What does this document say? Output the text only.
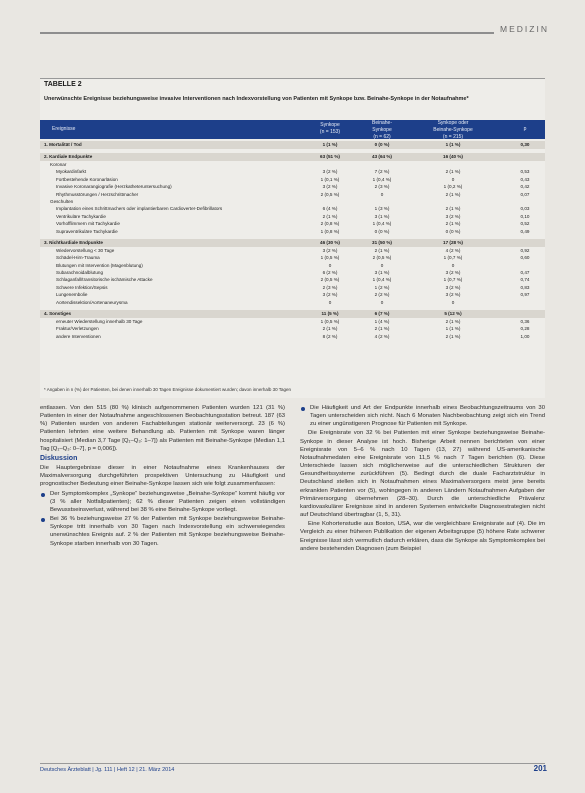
MEDIZIN
TABELLE 2
Unerwünschte Ereignisse beziehungsweise invasive Interventionen nach Indexvorstellung von Patienten mit Synkope bzw. Beinahe-Synkope in der Notaufnahme*
Ereignisse
Synkope
(n = 153)
Beinahe-
Synkope
(n = 62)
Synkope oder
Beinahe-Synkope
(n = 215)
p
1. Mortalität / Tod	1 (1 %)	0 (0 %)	1 (1 %)	0,30
2. Kardiale Endpunkte	63 (51 %)	43 (64 %)	16 (40 %)
Koronar
Myokardinfarkt	3 (2 %)	7 (2 %)	2 (1 %)	0,53
Fortbestehende Koronarläsion	1 (0,1 %)	1 (0,4 %)	0	0,43
Invasive Koronarangiografie (Herzkatheteruntersuchung)	3 (2 %)	2 (3 %)	1 (0,2 %)	0,42
Rhythmusstörungen / Herzschrittmacher	2 (0,5 %)	0	2 (1 %)	0,07
Geschulten
Implantation eines Schrittmachers oder implantierbaren Cardioverter-Defibrillators	6 (4 %)	1 (3 %)	2 (1 %)	0,03
Ventrikuläre Tachykardie	2 (1 %)	3 (1 %)	3 (2 %)	0,10
Vorhofflimmern mit Tachykardie	2 (0,8 %)	1 (0,4 %)	2 (1 %)	0,52
Supraventrikuläre Tachykardie	1 (0,8 %)	0 (0 %)	0 (0 %)	0,49
3. Nichtkardiale Endpunkte	46 (30 %)	31 (50 %)	17 (28 %)
Wiedervorstellung < 30 Tage	3 (2 %)	2 (1 %)	4 (2 %)	0,92
Schädel-Hirn-Trauma	1 (0,5 %)	2 (0,5 %)	1 (0,7 %)	0,60
Blutungen mit Intervention (Magenblutung)	0	0	0
Subarachnoidalblutung	6 (2 %)	3 (1 %)	3 (2 %)	0,47
Schlaganfall/transitorische ischämische Attacke	2 (0,5 %)	1 (0,4 %)	1 (0,7 %)	0,74
Schwere Infektion/Sepsis	2 (3 %)	1 (2 %)	3 (2 %)	0,83
Lungenembolie	3 (2 %)	2 (2 %)	3 (2 %)	0,97
Aortendissektion/Aortenaneurysma	0	0	0
4. Sonstiges	11 (5 %)	6 (7 %)	5 (12 %)
erneuter Wiederstellung innerhalb 30 Tage	1 (0,5 %)	1 (4 %)	2 (1 %)	0,36
Fraktur/Verletzungen	2 (1 %)	2 (1 %)	1 (1 %)	0,28
andere Interventionen	8 (2 %)	4 (2 %)	2 (1 %)	1,00
* Angaben in n (%) der Patienten, bei denen innerhalb 30 Tagen Ereignisse dokumentiert wurden; davon innerhalb 30 Tagen

entlassen. Von den 515 (80 %) klinisch aufgenommenen Patienten wurden 121 (31 %) Patienten in einer der Notaufnahme angeschlossenen Beobachtungsstation betreut. 187 (63 %) Patienten wurden von anderen Fachabteilungen stationär weiterversorgt. 23 (6 %) Patienten lehnten eine weitere Behandlung ab. Patienten mit Synkope waren länger hospitalisiert (Median 3,7 Tage [Q₁–Q₃: 1–7]) als Patienten mit Beinahe-Synkope (Median 1,1 Tag [Q₁–Q₃: 0–7], p = 0,006]).

Diskussion

Die Hauptergebnisse dieser in einer Notaufnahme eines Krankenhauses der Maximalversorgung durchgeführten prospektiven Untersuchung zu Häufigkeit und prognostischer Bedeutung einer Beinahe-Synkope lassen sich wie folgt zusammenfassen:

Der Symptomkomplex „Synkope“ beziehungsweise „Beinahe-Synkope“ kommt häufig vor (3 % aller Notfallpatienten); 62 % dieser Patienten zeigen einen vollständigen Bewusstseinsverlust, während bei 38 % eine Beinahe-Synkope vorliegt.
Bei 36 % beziehungsweise 27 % der Patienten mit Synkope beziehungsweise Beinahe-Synkope tritt innerhalb von 30 Tagen nach Indexvorstellung ein schwerwiegendes unerwünschtes Ereignis auf. 2 % der Patienten mit Synkope beziehungsweise Beinahe-Synkope starben innerhalb von 30 Tagen.
Die Häufigkeit und Art der Endpunkte innerhalb eines Beobachtungszeitraums von 30 Tagen unterscheiden sich nicht. Nach 6 Monaten Nachbeobachtung zeigt sich ein Trend zu einer ungünstigeren Prognose für Patienten mit Synkope.

Die Ereignisrate von 32 % bei Patienten mit einer Synkope beziehungsweise Beinahe-Synkope in dieser Analyse ist hoch. Bisherige Arbeit nennen berichteten von einer Ereignisrate von 5–6 % nach 10 Tagen (13, 27) während US-amerikanische Notaufnahmedaten eine Ereignisrate von 11,5 % nach 7 Tagen berichten (6). Diese Unterschiede lassen sich möglicherweise auf die unterschiedlichen Strukturen der Gesundheitssysteme zurückführen (5). Bedingt durch die duale Facharztstruktur in Deutschland stellen sich in Notaufnahmen eines Maximalversorgers meist jene bereits erkrankten Patienten vor (5), wohingegen in anderen Ländern Notaufnahmen Aufgaben der Primärversorgung übernehmen (28–30). Durch die unterschiedliche Prävalenz kardiovaskulärer Ereignisse sind in anderen Systemen entwickelte Diagnosestrategien nicht auf Deutschland übertragbar (1, 5, 31).

Eine Kohortenstudie aus Boston, USA, war die vergleichbare Ereignisrate auf (4). Die im Vergleich zu einer früheren Publikation der eigenen Arbeitsgruppe (5) höhere Rate schwerer Ereignisse lässt sich vermutlich dadurch erklären, dass die Synkope als Symptomkomplex bei andere bestehenden Diagnosen (zum Beispiel

Deutsches Ärzteblatt | Jg. 111 | Heft 12 | 21. März 2014	201
